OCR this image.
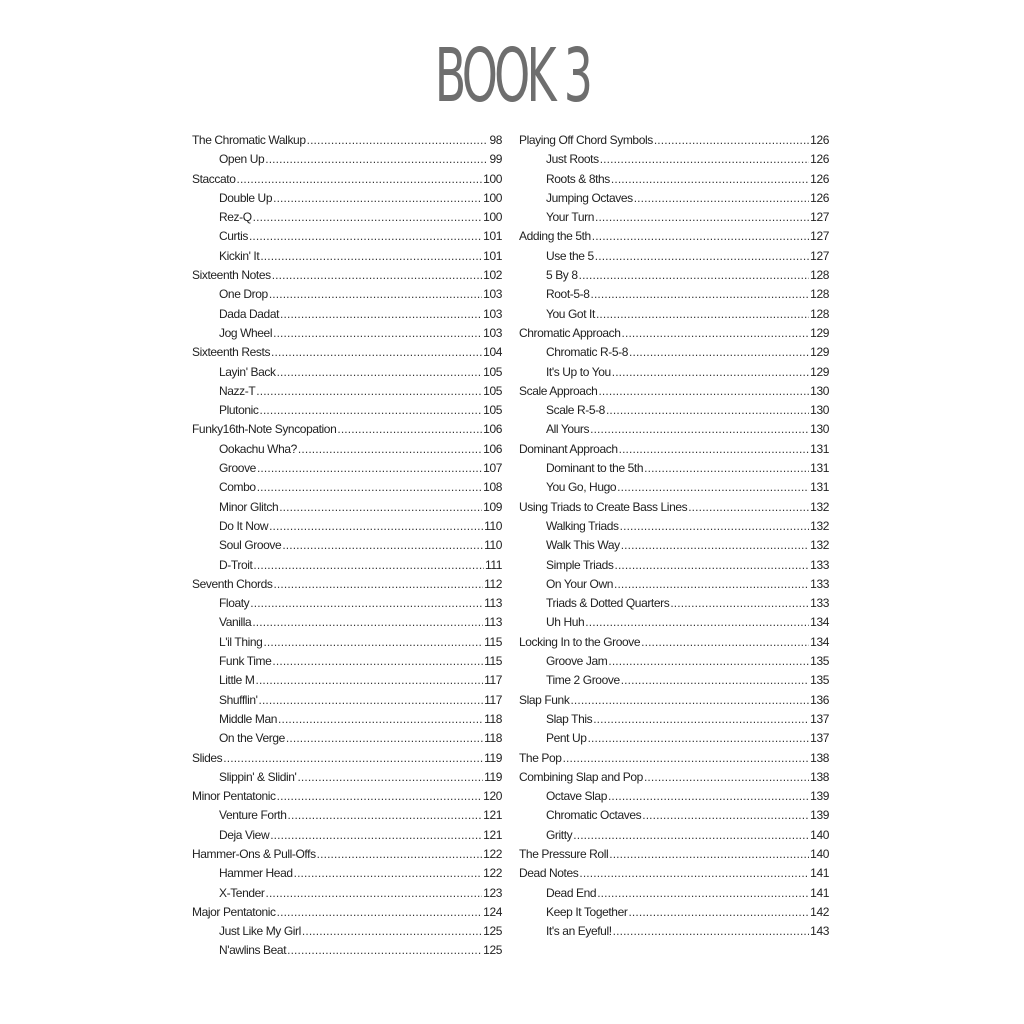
BOOK 3
The Chromatic Walkup . . .	98
Open Up . . .	99
Staccato . . .	100
Double Up . . .	100
Rez-Q . . .	100
Curtis . . .	101
Kickin' It . . .	101
Sixteenth Notes . . .	102
One Drop . . .	103
Dada Dadat . . .	103
Jog Wheel . . .	103
Sixteenth Rests . . .	104
Layin' Back . . .	105
Nazz-T . . .	105
Plutonic . . .	105
Funky16th-Note Syncopation . . .	106
Ookachu Wha? . . .	106
Groove . . .	107
Combo . . .	108
Minor Glitch . . .	109
Do It Now . . .	110
Soul Groove . . .	110
D-Troit . . .	111
Seventh Chords . . .	112
Floaty . . .	113
Vanilla . . .	113
L'il Thing . . .	115
Funk Time . . .	115
Little M . . .	117
Shufflin' . . .	117
Middle Man . . .	118
On the Verge . . .	118
Slides . . .	119
Slippin' & Slidin' . . .	119
Minor Pentatonic . . .	120
Venture Forth . . .	121
Deja View . . .	121
Hammer-Ons & Pull-Offs . . .	122
Hammer Head . . .	122
X-Tender . . .	123
Major Pentatonic . . .	124
Just Like My Girl . . .	125
N'awlins Beat . . .	125
Playing Off Chord Symbols . . .	126
Just Roots . . .	126
Roots & 8ths . . .	126
Jumping Octaves . . .	126
Your Turn . . .	127
Adding the 5th . . .	127
Use the 5 . . .	127
5 By 8 . . .	128
Root-5-8 . . .	128
You Got It . . .	128
Chromatic Approach . . .	129
Chromatic R-5-8 . . .	129
It's Up to You . . .	129
Scale Approach . . .	130
Scale R-5-8 . . .	130
All Yours . . .	130
Dominant Approach . . .	131
Dominant to the 5th . . .	131
You Go, Hugo . . .	131
Using Triads to Create Bass Lines . . .	132
Walking Triads . . .	132
Walk This Way . . .	132
Simple Triads . . .	133
On Your Own . . .	133
Triads & Dotted Quarters . . .	133
Uh Huh . . .	134
Locking In to the Groove . . .	134
Groove Jam . . .	135
Time 2 Groove . . .	135
Slap Funk . . .	136
Slap This . . .	137
Pent Up . . .	137
The Pop . . .	138
Combining Slap and Pop . . .	138
Octave Slap . . .	139
Chromatic Octaves . . .	139
Gritty . . .	140
The Pressure Roll . . .	140
Dead Notes . . .	141
Dead End . . .	141
Keep It Together . . .	142
It's an Eyeful! . . .	143
